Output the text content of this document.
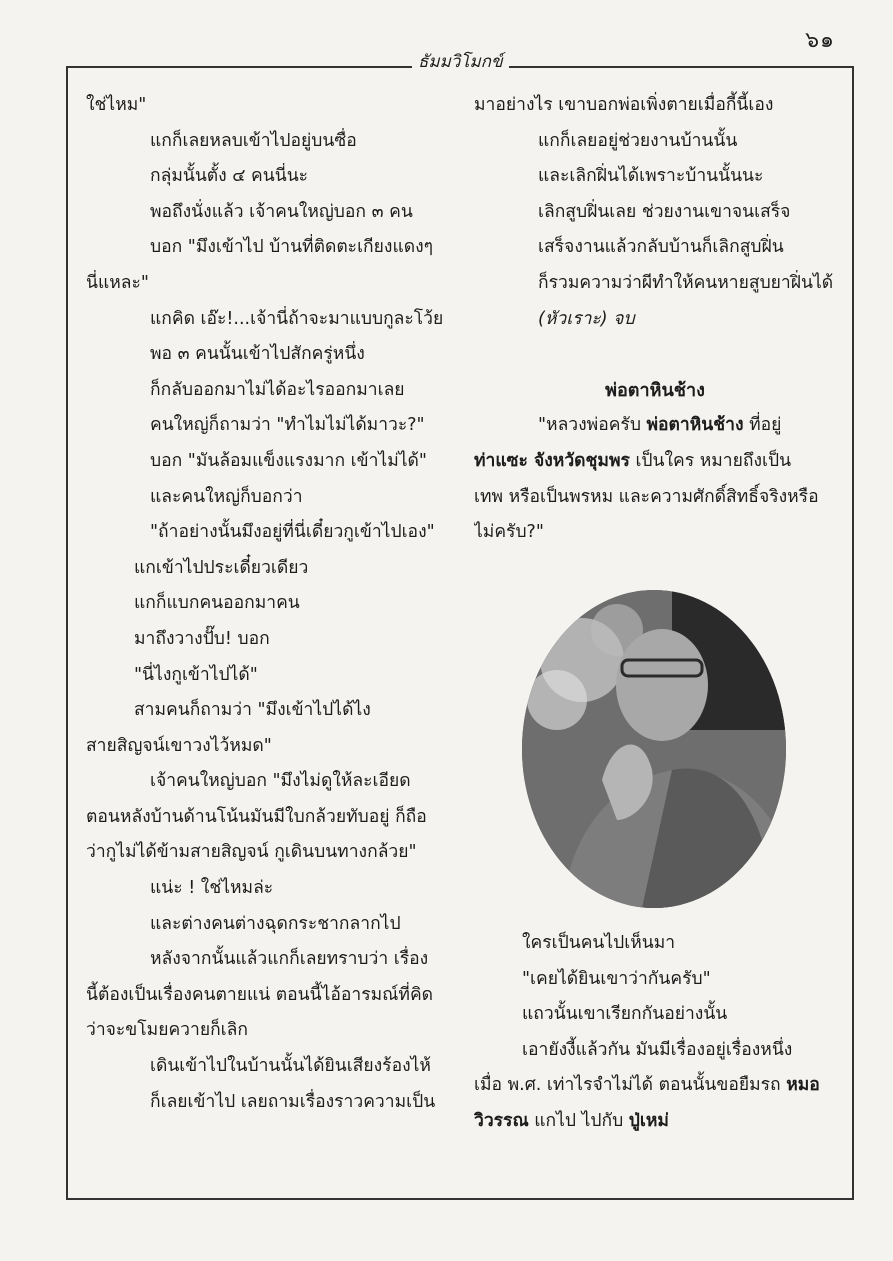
๖๑
ธัมมวิโมกข์
ใช่ไหม"
แกก็เลยหลบเข้าไปอยู่บนซื่อ
กลุ่มนั้นตั้ง ๔ คนนี่นะ
พอถึงนั่งแล้ว เจ้าคนใหญ่บอก ๓ คน
บอก "มึงเข้าไป บ้านที่ติดตะเกียงแดงๆ
นี่แหละ"
แกคิด เอ๊ะ!...เจ้านี่ถ้าจะมาแบบกูละโว้ย
พอ ๓ คนนั้นเข้าไปสักครู่หนึ่ง
ก็กลับออกมาไม่ได้อะไรออกมาเลย
คนใหญ่ก็ถามว่า "ทำไมไม่ได้มาวะ?"
บอก "มันล้อมแข็งแรงมาก เข้าไม่ได้"
และคนใหญ่ก็บอกว่า
"ถ้าอย่างนั้นมึงอยู่ที่นี่เดี๋ยวกูเข้าไปเอง"
แกเข้าไปประเดี๋ยวเดียว
แกก็แบกคนออกมาคน
มาถึงวางปั๊บ! บอก
"นี่ไงกูเข้าไปได้"
สามคนก็ถามว่า "มึงเข้าไปได้ไง
สายสิญจน์เขาวงไว้หมด"
เจ้าคนใหญ่บอก "มึงไม่ดูให้ละเอียด
ตอนหลังบ้านด้านโน้นมันมีใบกล้วยทับอยู่ ก็ถือ
ว่ากูไม่ได้ข้ามสายสิญจน์ กูเดินบนทางกล้วย"
แน่ะ ! ใช่ไหมล่ะ
และต่างคนต่างฉุดกระชากลากไป
หลังจากนั้นแล้วแกก็เลยทราบว่า เรื่อง
นี้ต้องเป็นเรื่องคนตายแน่ ตอนนี้ไอ้อารมณ์ที่คิด
ว่าจะขโมยควายก็เลิก
เดินเข้าไปในบ้านนั้นได้ยินเสียงร้องไห้
ก็เลยเข้าไป เลยถามเรื่องราวความเป็น
มาอย่างไร เขาบอกพ่อเพิ่งตายเมื่อกี้นี้เอง
แกก็เลยอยู่ช่วยงานบ้านนั้น
และเลิกฝิ่นได้เพราะบ้านนั้นนะ
เลิกสูบฝิ่นเลย ช่วยงานเขาจนเสร็จ
เสร็จงานแล้วกลับบ้านก็เลิกสูบฝิ่น
ก็รวมความว่าผีทำให้คนหายสูบยาฝิ่นได้
(หัวเราะ) จบ
พ่อตาหินช้าง
"หลวงพ่อครับ พ่อตาหินช้าง ที่อยู่
ท่าแซะ จังหวัดชุมพร เป็นใคร หมายถึงเป็น
เทพ หรือเป็นพรหม และความศักดิ์สิทธิ์จริงหรือ
ไม่ครับ?"
ใครเป็นคนไปเห็นมา
"เคยได้ยินเขาว่ากันครับ"
แถวนั้นเขาเรียกกันอย่างนั้น
เอายังงี้แล้วกัน มันมีเรื่องอยู่เรื่องหนึ่ง
เมื่อ พ.ศ. เท่าไรจำไม่ได้ ตอนนั้นขอยืมรถ หมอ
วิวรรณ แกไป ไปกับ ปู่เหม่
